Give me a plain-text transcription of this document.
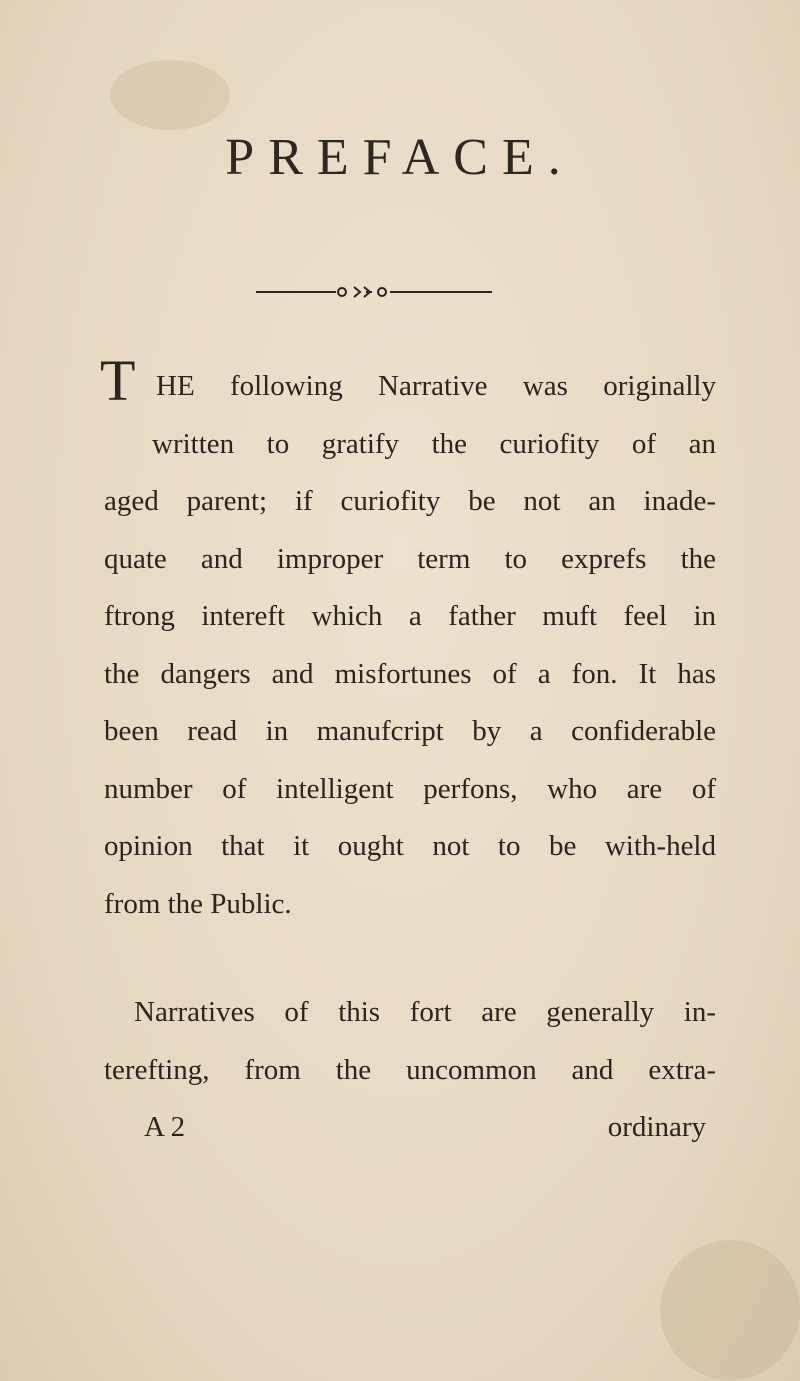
PREFACE.
T HE following Narrative was originally
written to gratify the curiofity of an
aged parent; if curiofity be not an inade-
quate and improper term to exprefs the
ftrong intereft which a father muft feel in
the dangers and misfortunes of a fon. It has
been read in manufcript by a confiderable
number of intelligent perfons, who are of
opinion that it ought not to be with-held
from the Public.
Narratives of this fort are generally in-
terefting, from the uncommon and extra-
A 2	ordinary
